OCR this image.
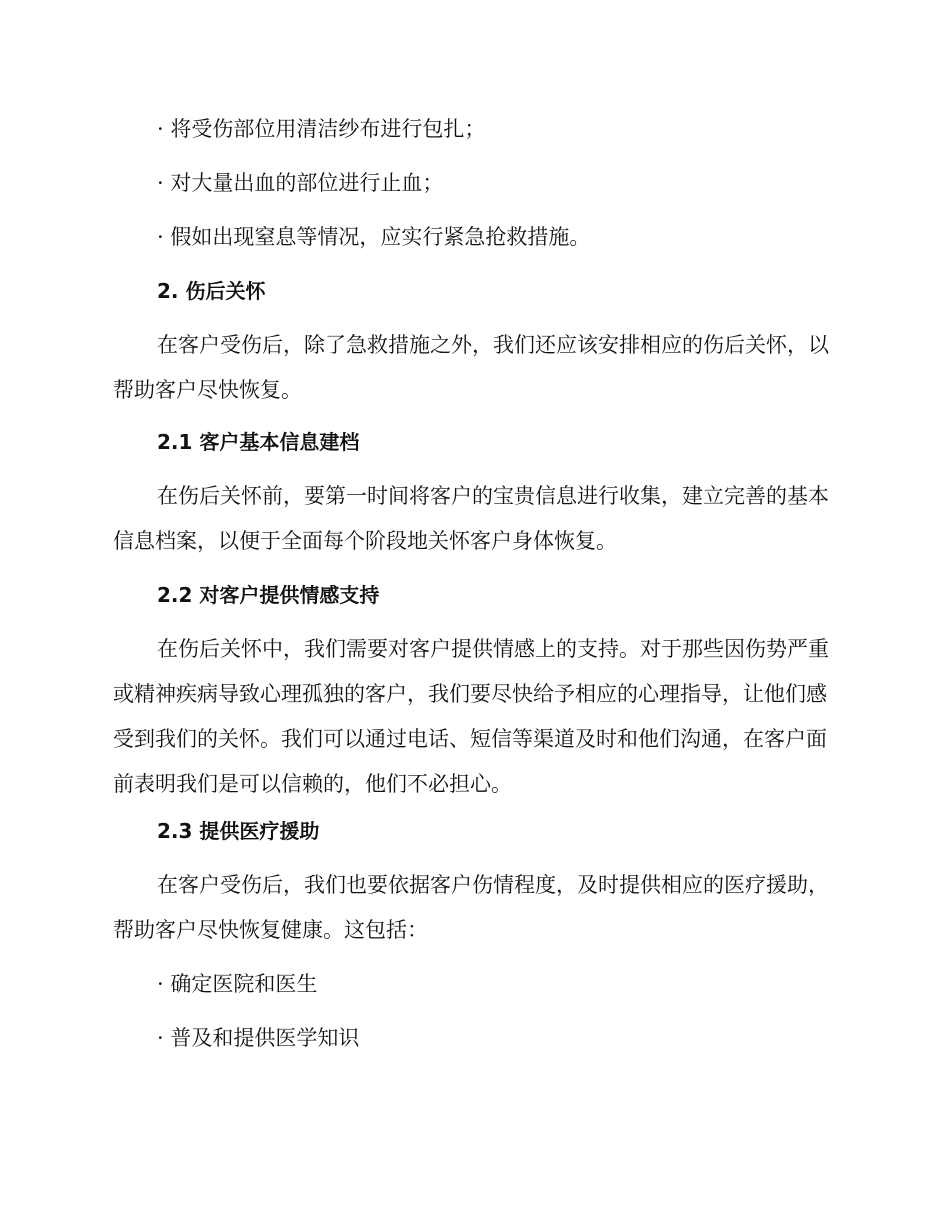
· 将受伤部位用清洁纱布进行包扎；

· 对大量出血的部位进行止血；

· 假如出现窒息等情况，应实行紧急抢救措施。

2. 伤后关怀

在客户受伤后，除了急救措施之外，我们还应该安排相应的伤后关怀，以帮助客户尽快恢复。

2.1 客户基本信息建档

在伤后关怀前，要第一时间将客户的宝贵信息进行收集，建立完善的基本信息档案，以便于全面每个阶段地关怀客户身体恢复。

2.2 对客户提供情感支持

在伤后关怀中，我们需要对客户提供情感上的支持。对于那些因伤势严重或精神疾病导致心理孤独的客户，我们要尽快给予相应的心理指导，让他们感受到我们的关怀。我们可以通过电话、短信等渠道及时和他们沟通，在客户面前表明我们是可以信赖的，他们不必担心。

2.3 提供医疗援助

在客户受伤后，我们也要依据客户伤情程度，及时提供相应的医疗援助，帮助客户尽快恢复健康。这包括：

· 确定医院和医生

· 普及和提供医学知识
